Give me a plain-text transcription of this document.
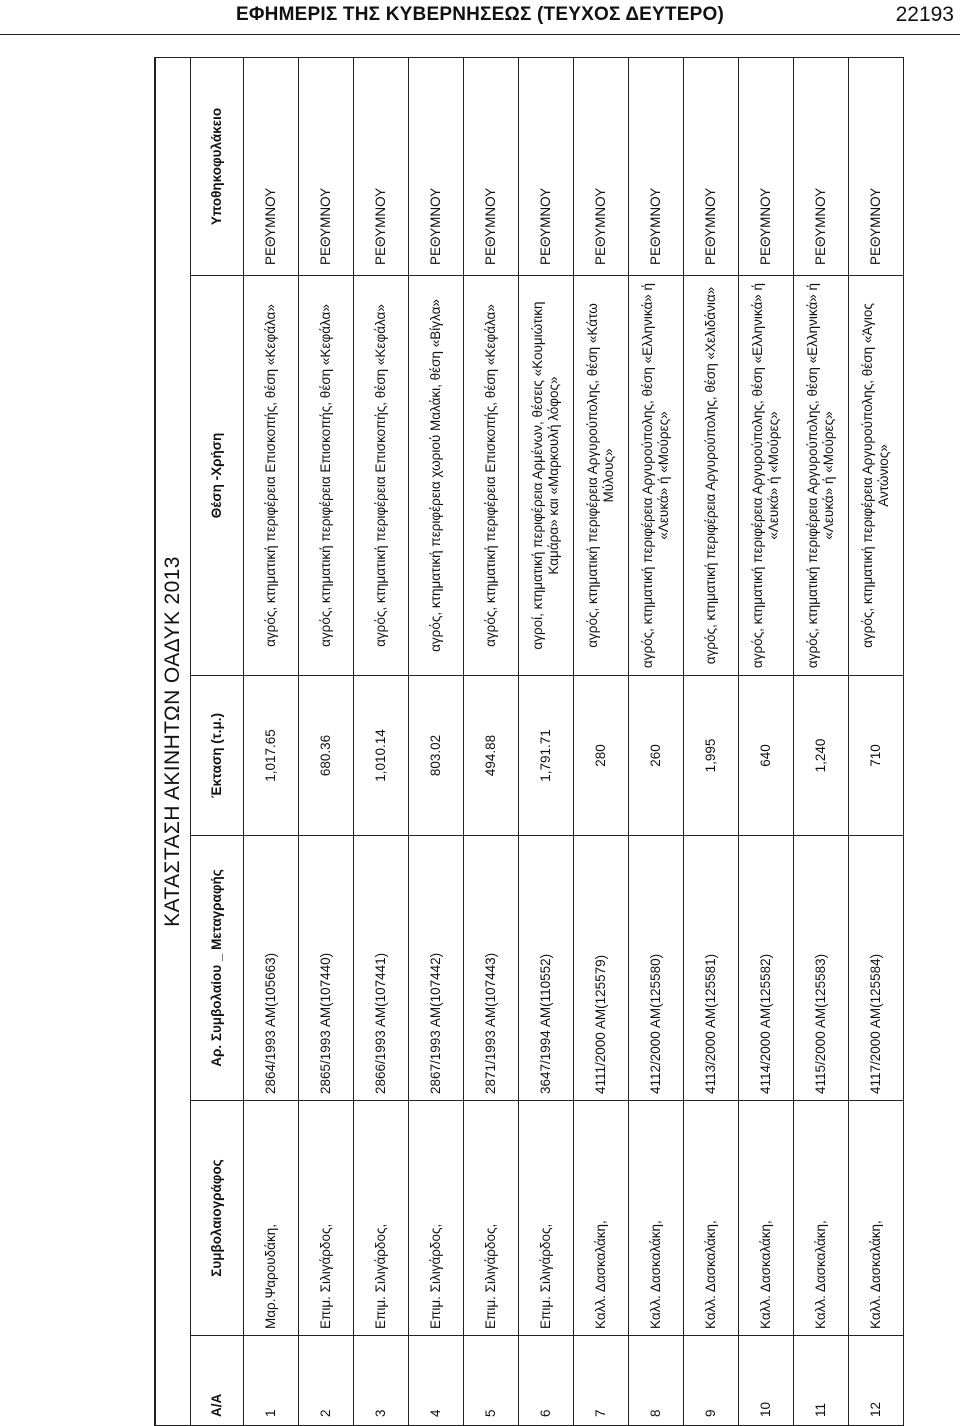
ΕΦΗΜΕΡΙΣ ΤΗΣ ΚΥΒΕΡΝΗΣΕΩΣ (ΤΕΥΧΟΣ ΔΕΥΤΕΡΟ)	22193
ΚΑΤΑΣΤΑΣΗ ΑΚΙΝΗΤΩΝ ΟΑΔΥΚ 2013					
Α/Α	Συμβολαιογράφος	Αρ. Συμβολαίου _ Μεταγραφής	Έκταση (τ.μ.)	Θέση -Χρήση	Υποθηκοφυλάκειο
1	Μαρ.Ψαρουδάκη,	2864/1993 ΑΜ(105663)	1,017.65	αγρός, κτηματική περιφέρεια Επισκοπής, θέση «Κεφάλα»	ΡΕΘΥΜΝΟΥ
2	Επιμ. Σιλιγάρδος,	2865/1993 ΑΜ(107440)	680.36	αγρός, κτηματική περιφέρεια Επισκοπής, θέση «Κεφάλα»	ΡΕΘΥΜΝΟΥ
3	Επιμ. Σιλιγάρδος,	2866/1993 ΑΜ(107441)	1,010.14	αγρός, κτηματική περιφέρεια Επισκοπής, θέση «Κεφάλα»	ΡΕΘΥΜΝΟΥ
4	Επιμ. Σιλιγάρδος,	2867/1993 ΑΜ(107442)	803.02	αγρός, κτηματική περιφέρεια χωριού Μαλάκι, θέση «Βίγλα»	ΡΕΘΥΜΝΟΥ
5	Επιμ. Σιλιγάρδος,	2871/1993 ΑΜ(107443)	494.88	αγρός, κτηματική περιφέρεια Επισκοπής, θέση «Κεφάλα»	ΡΕΘΥΜΝΟΥ
6	Επιμ. Σιλιγάρδος,	3647/1994 ΑΜ(110552)	1,791.71	αγροί, κτηματική περιφέρεια Αρμένων, θέσεις «Κουμιώτικη Καμάρα» και «Μαρκουλή λόφος»	ΡΕΘΥΜΝΟΥ
7	Καλλ. Δασκαλάκη,	4111/2000 ΑΜ(125579)	280	αγρός, κτηματική περιφέρεια Αργυρούπολης, θέση «Κάτω Μύλους»	ΡΕΘΥΜΝΟΥ
8	Καλλ. Δασκαλάκη,	4112/2000 ΑΜ(125580)	260	αγρός, κτηματική περιφέρεια Αργυρούπολης, θέση «Ελληνικά» ή «Λευκά» ή «Μούρες»	ΡΕΘΥΜΝΟΥ
9	Καλλ. Δασκαλάκη,	4113/2000 ΑΜ(125581)	1,995	αγρός, κτηματική περιφέρεια Αργυρούπολης, θέση «Χελιδάνια»	ΡΕΘΥΜΝΟΥ
10	Καλλ. Δασκαλάκη,	4114/2000 ΑΜ(125582)	640	αγρός, κτηματική περιφέρεια Αργυρούπολης, θέση «Ελληνικά» ή «Λευκά» ή «Μούρες»	ΡΕΘΥΜΝΟΥ
11	Καλλ. Δασκαλάκη,	4115/2000 ΑΜ(125583)	1,240	αγρός, κτηματική περιφέρεια Αργυρούπολης, θέση «Ελληνικά» ή «Λευκά» ή «Μούρες»	ΡΕΘΥΜΝΟΥ
12	Καλλ. Δασκαλάκη,	4117/2000 ΑΜ(125584)	710	αγρός, κτηματική περιφέρεια Αργυρούπολης, θέση «Άγιος Αντώνιος»	ΡΕΘΥΜΝΟΥ
